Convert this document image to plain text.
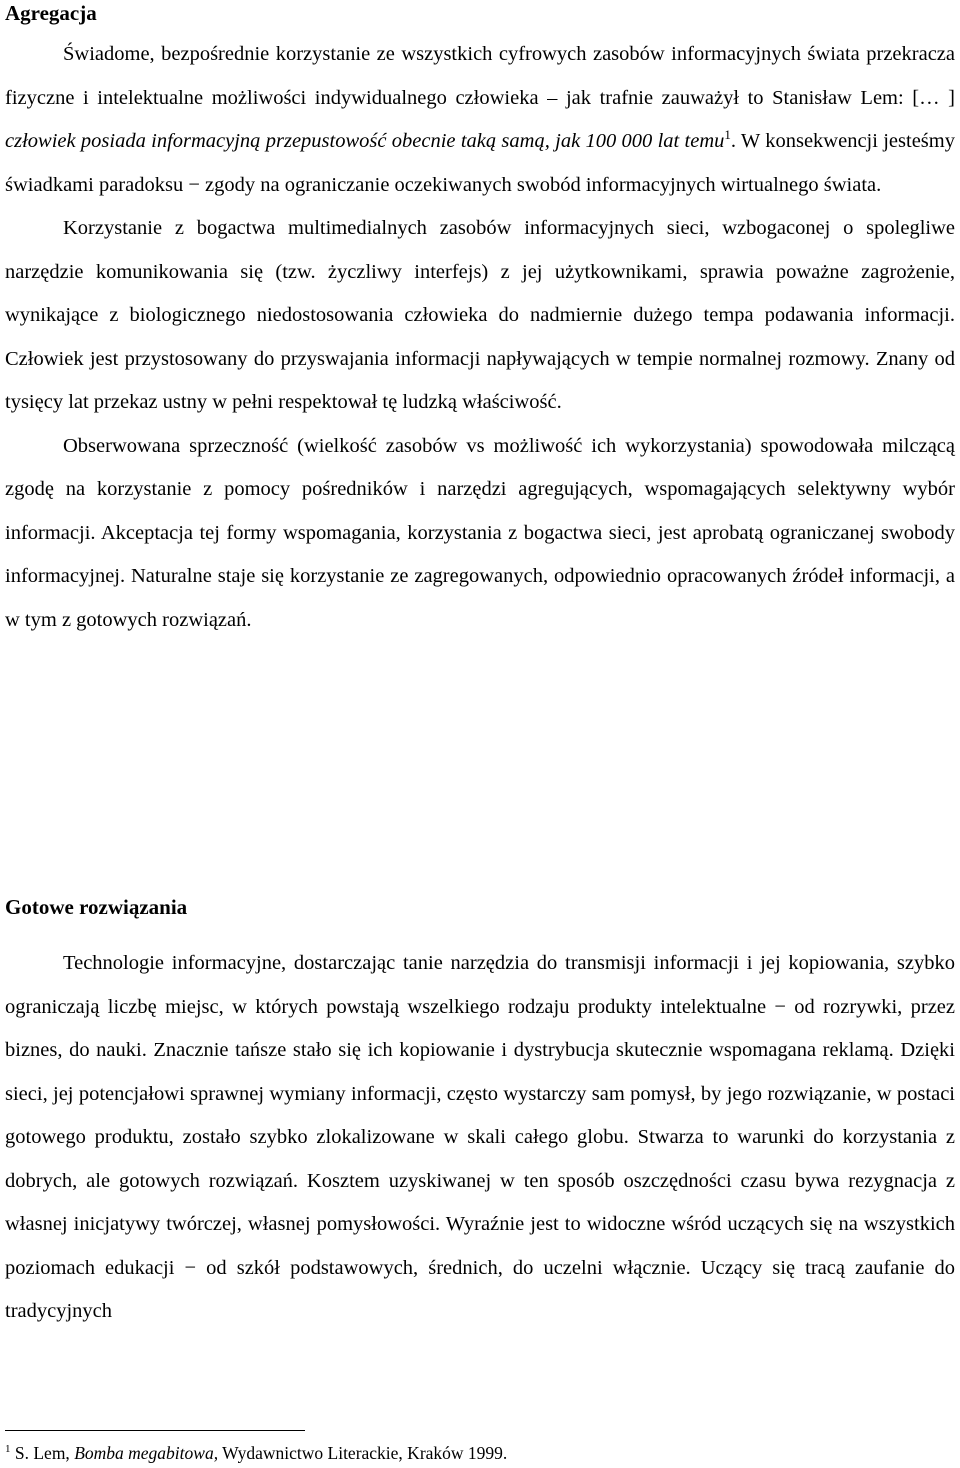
Agregacja

Świadome, bezpośrednie korzystanie ze wszystkich cyfrowych zasobów informacyjnych świata przekracza fizyczne i intelektualne możliwości indywidualnego człowieka – jak trafnie zauważył to Stanisław Lem: [… ] człowiek posiada informacyjną przepustowość obecnie taką samą, jak 100 000 lat temu$^1$. W konsekwencji jesteśmy świadkami paradoksu − zgody na ograniczanie oczekiwanych swobód informacyjnych wirtualnego świata.

Korzystanie z bogactwa multimedialnych zasobów informacyjnych sieci, wzbogaconej o spolegliwe narzędzie komunikowania się (tzw. życzliwy interfejs) z jej użytkownikami, sprawia poważne zagrożenie, wynikające z biologicznego niedostosowania człowieka do nadmiernie dużego tempa podawania informacji. Człowiek jest przystosowany do przyswajania informacji napływających w tempie normalnej rozmowy. Znany od tysięcy lat przekaz ustny w pełni respektował tę ludzką właściwość.

Obserwowana sprzeczność (wielkość zasobów vs możliwość ich wykorzystania) spowodowała milczącą zgodę na korzystanie z pomocy pośredników i narzędzi agregujących, wspomagających selektywny wybór informacji. Akceptacja tej formy wspomagania, korzystania z bogactwa sieci, jest aprobatą ograniczanej swobody informacyjnej. Naturalne staje się korzystanie ze zagregowanych, odpowiednio opracowanych źródeł informacji, a w tym z gotowych rozwiązań.

Gotowe rozwiązania

Technologie informacyjne, dostarczając tanie narzędzia do transmisji informacji i jej kopiowania, szybko ograniczają liczbę miejsc, w których powstają wszelkiego rodzaju produkty intelektualne − od rozrywki, przez biznes, do nauki. Znacznie tańsze stało się ich kopiowanie i dystrybucja skutecznie wspomagana reklamą. Dzięki sieci, jej potencjałowi sprawnej wymiany informacji, często wystarczy sam pomysł, by jego rozwiązanie, w postaci gotowego produktu, zostało szybko zlokalizowane w skali całego globu. Stwarza to warunki do korzystania z dobrych, ale gotowych rozwiązań. Kosztem uzyskiwanej w ten sposób oszczędności czasu bywa rezygnacja z własnej inicjatywy twórczej, własnej pomysłowości. Wyraźnie jest to widoczne wśród uczących się na wszystkich poziomach edukacji − od szkół podstawowych, średnich, do uczelni włącznie. Uczący się tracą zaufanie do tradycyjnych

$^1$ S. Lem, Bomba megabitowa, Wydawnictwo Literackie, Kraków 1999.
